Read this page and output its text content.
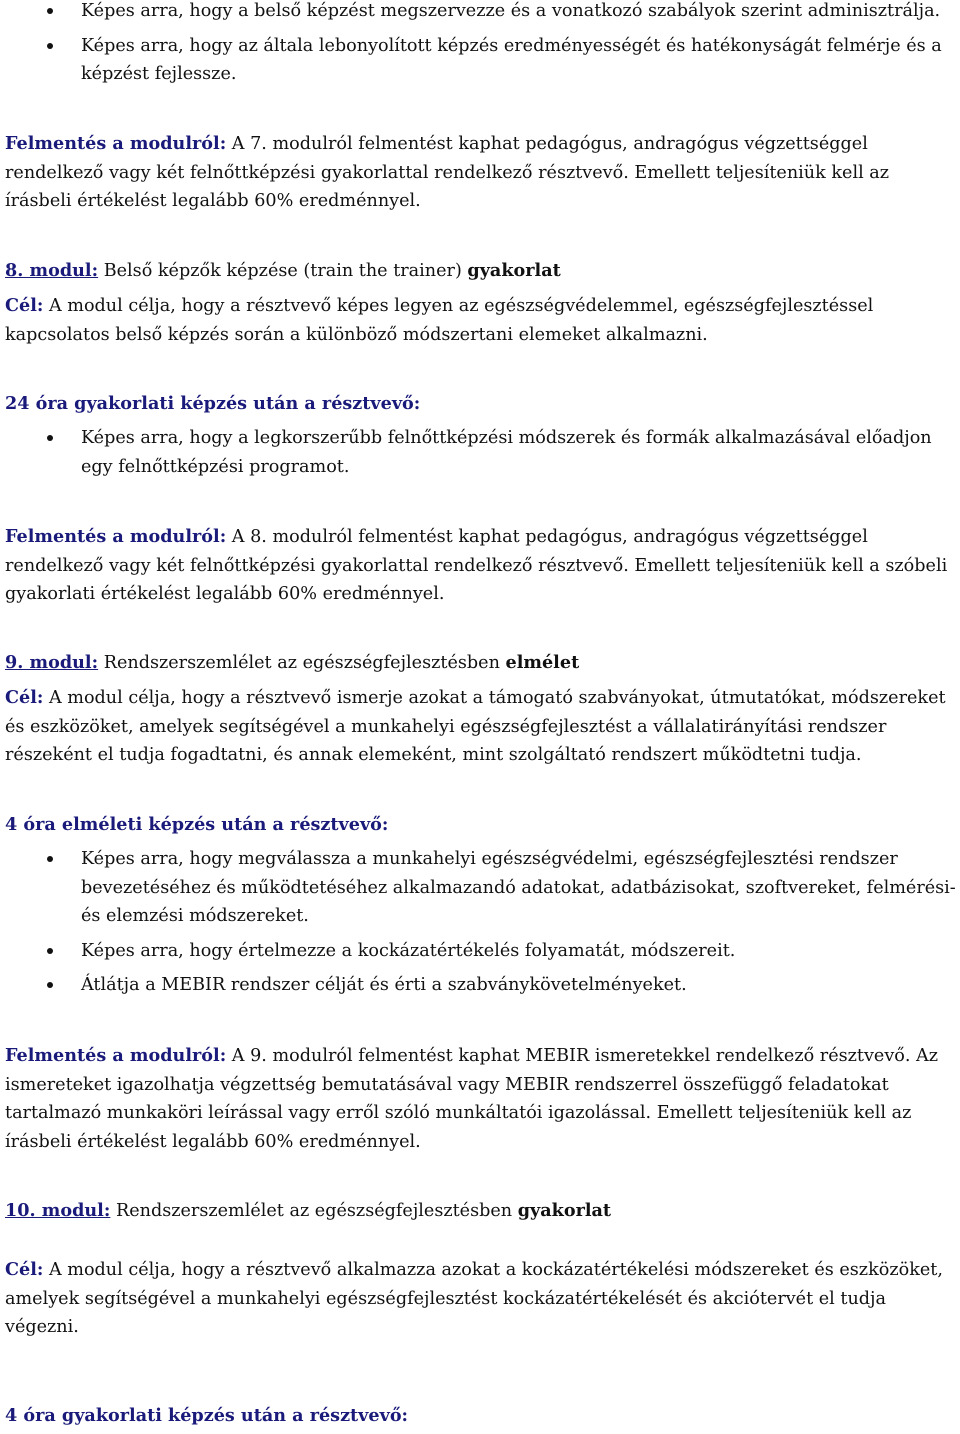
Képes arra, hogy a belső képzést megszervezze és a vonatkozó szabályok szerint adminisztrálja.
Képes arra, hogy az általa lebonyolított képzés eredményességét és hatékonyságát felmérje és a képzést fejlessze.

Felmentés a modulról: A 7. modulról felmentést kaphat pedagógus, andragógus végzettséggel rendelkező vagy két felnőttképzési gyakorlattal rendelkező résztvevő. Emellett teljesíteniük kell az írásbeli értékelést legalább 60% eredménnyel.

8. modul: Belső képzők képzése (train the trainer) gyakorlat

Cél: A modul célja, hogy a résztvevő képes legyen az egészségvédelemmel, egészségfejlesztéssel kapcsolatos belső képzés során a különböző módszertani elemeket alkalmazni.

24 óra gyakorlati képzés után a résztvevő:

Képes arra, hogy a legkorszerűbb felnőttképzési módszerek és formák alkalmazásával előadjon egy felnőttképzési programot.

Felmentés a modulról: A 8. modulról felmentést kaphat pedagógus, andragógus végzettséggel rendelkező vagy két felnőttképzési gyakorlattal rendelkező résztvevő. Emellett teljesíteniük kell a szóbeli gyakorlati értékelést legalább 60% eredménnyel.

9. modul: Rendszerszemlélet az egészségfejlesztésben elmélet

Cél: A modul célja, hogy a résztvevő ismerje azokat a támogató szabványokat, útmutatókat, módszereket és eszközöket, amelyek segítségével a munkahelyi egészségfejlesztést a vállalatirányítási rendszer részeként el tudja fogadtatni, és annak elemeként, mint szolgáltató rendszert működtetni tudja.

4 óra elméleti képzés után a résztvevő:

Képes arra, hogy megválassza a munkahelyi egészségvédelmi, egészségfejlesztési rendszer bevezetéséhez és működtetéséhez alkalmazandó adatokat, adatbázisokat, szoftvereket, felmérési- és elemzési módszereket.
Képes arra, hogy értelmezze a kockázatértékelés folyamatát, módszereit.
Átlátja a MEBIR rendszer célját és érti a szabványkövetelményeket.

Felmentés a modulról: A 9. modulról felmentést kaphat MEBIR ismeretekkel rendelkező résztvevő. Az ismereteket igazolhatja végzettség bemutatásával vagy MEBIR rendszerrel összefüggő feladatokat tartalmazó munkaköri leírással vagy erről szóló munkáltatói igazolással. Emellett teljesíteniük kell az írásbeli értékelést legalább 60% eredménnyel.

10. modul: Rendszerszemlélet az egészségfejlesztésben gyakorlat

Cél: A modul célja, hogy a résztvevő alkalmazza azokat a kockázatértékelési módszereket és eszközöket, amelyek segítségével a munkahelyi egészségfejlesztést kockázatértékelését és akciótervét el tudja végezni.

4 óra gyakorlati képzés után a résztvevő:
